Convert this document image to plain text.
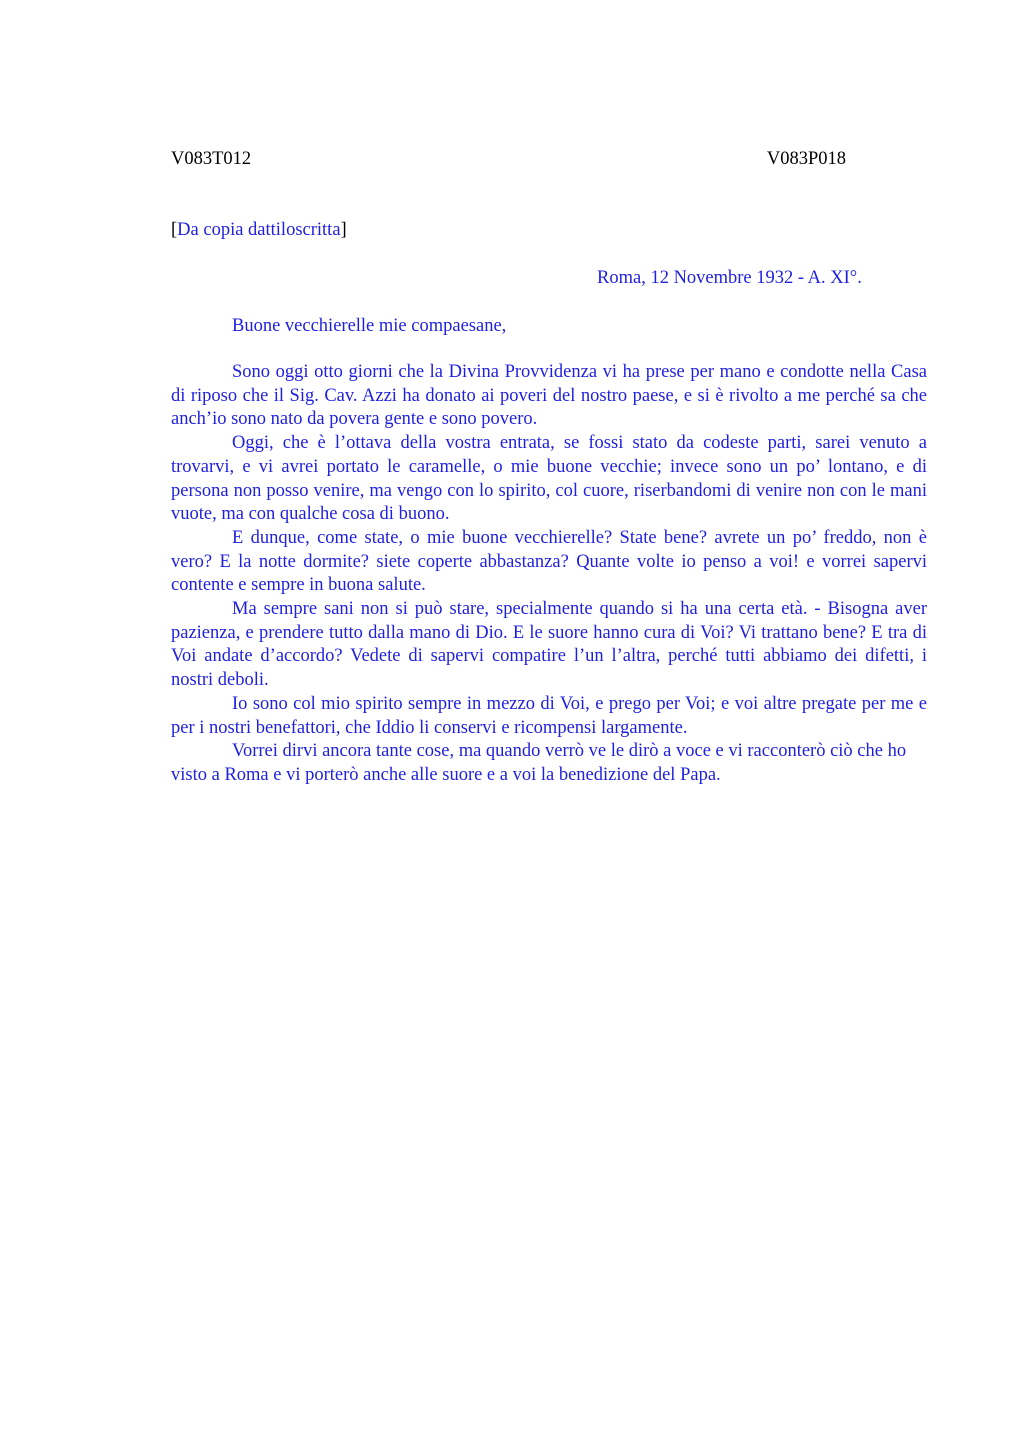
V083T012	V083P018
[Da copia dattiloscritta]
Roma, 12 Novembre 1932 - A. XI°.
Buone vecchierelle mie compaesane,

Sono oggi otto giorni che la Divina Provvidenza vi ha prese per mano e condotte nella Casa di riposo che il Sig. Cav. Azzi ha donato ai poveri del nostro paese, e si è rivolto a me perché sa che anch’io sono nato da povera gente e sono povero.

Oggi, che è l’ottava della vostra entrata, se fossi stato da codeste parti, sarei venuto a trovarvi, e vi avrei portato le caramelle, o mie buone vecchie; invece sono un po’ lontano, e di persona non posso venire, ma vengo con lo spirito, col cuore, riserbandomi di venire non con le mani vuote, ma con qualche cosa di buono.

E dunque, come state, o mie buone vecchierelle? State bene? avrete un po’ freddo, non è vero? E la notte dormite? siete coperte abbastanza? Quante volte io penso a voi! e vorrei sapervi contente e sempre in buona salute.

Ma sempre sani non si può stare, specialmente quando si ha una certa età. - Bisogna aver pazienza, e prendere tutto dalla mano di Dio. E le suore hanno cura di Voi? Vi trattano bene? E tra di Voi andate d’accordo? Vedete di sapervi compatire l’un l’altra, perché tutti abbiamo dei difetti, i nostri deboli.

Io sono col mio spirito sempre in mezzo di Voi, e prego per Voi; e voi altre pregate per me e per i nostri benefattori, che Iddio li conservi e ricompensi largamente.

Vorrei dirvi ancora tante cose, ma quando verrò ve le dirò a voce e vi racconterò ciò che ho visto a Roma e vi porterò anche alle suore e a voi la benedizione del Papa.
